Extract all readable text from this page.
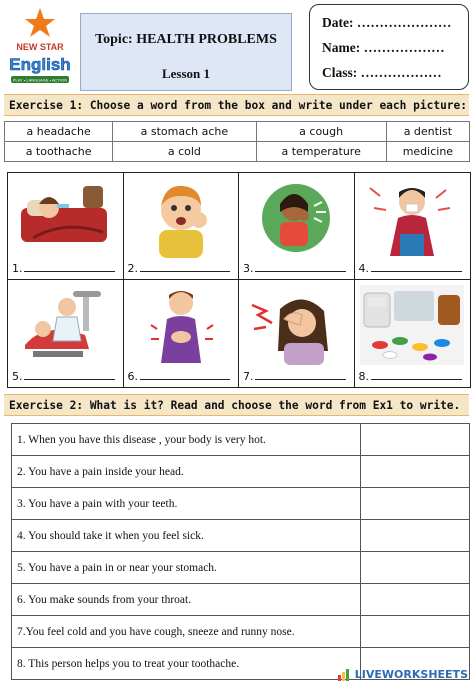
NEW STAR
English
PLAY • LANGUAGE • ACTION
Topic: HEALTH PROBLEMS
Lesson 1
Date: …………………
Name: ………………
Class: ………………
Exercise 1: Choose a word from the box and write under each picture:
a headache	a stomach ache	a cough	a dentist
a toothache	a cold	a temperature	medicine
1.	2.	3.	4.
5.	6.	7.	8.
Exercise 2: What is it? Read and choose the word from Ex1 to write.
1. When you have this disease , your body is very hot.	
2. You have a pain inside your head.	
3. You have a pain with your teeth.	
4. You should take it when you feel sick.	
5. You have a pain in or near your stomach.	
6. You make sounds from your throat.	
7.You feel cold and you have cough, sneeze and runny nose.	
8. This person helps you to treat your toothache.	
LIVEWORKSHEETS
